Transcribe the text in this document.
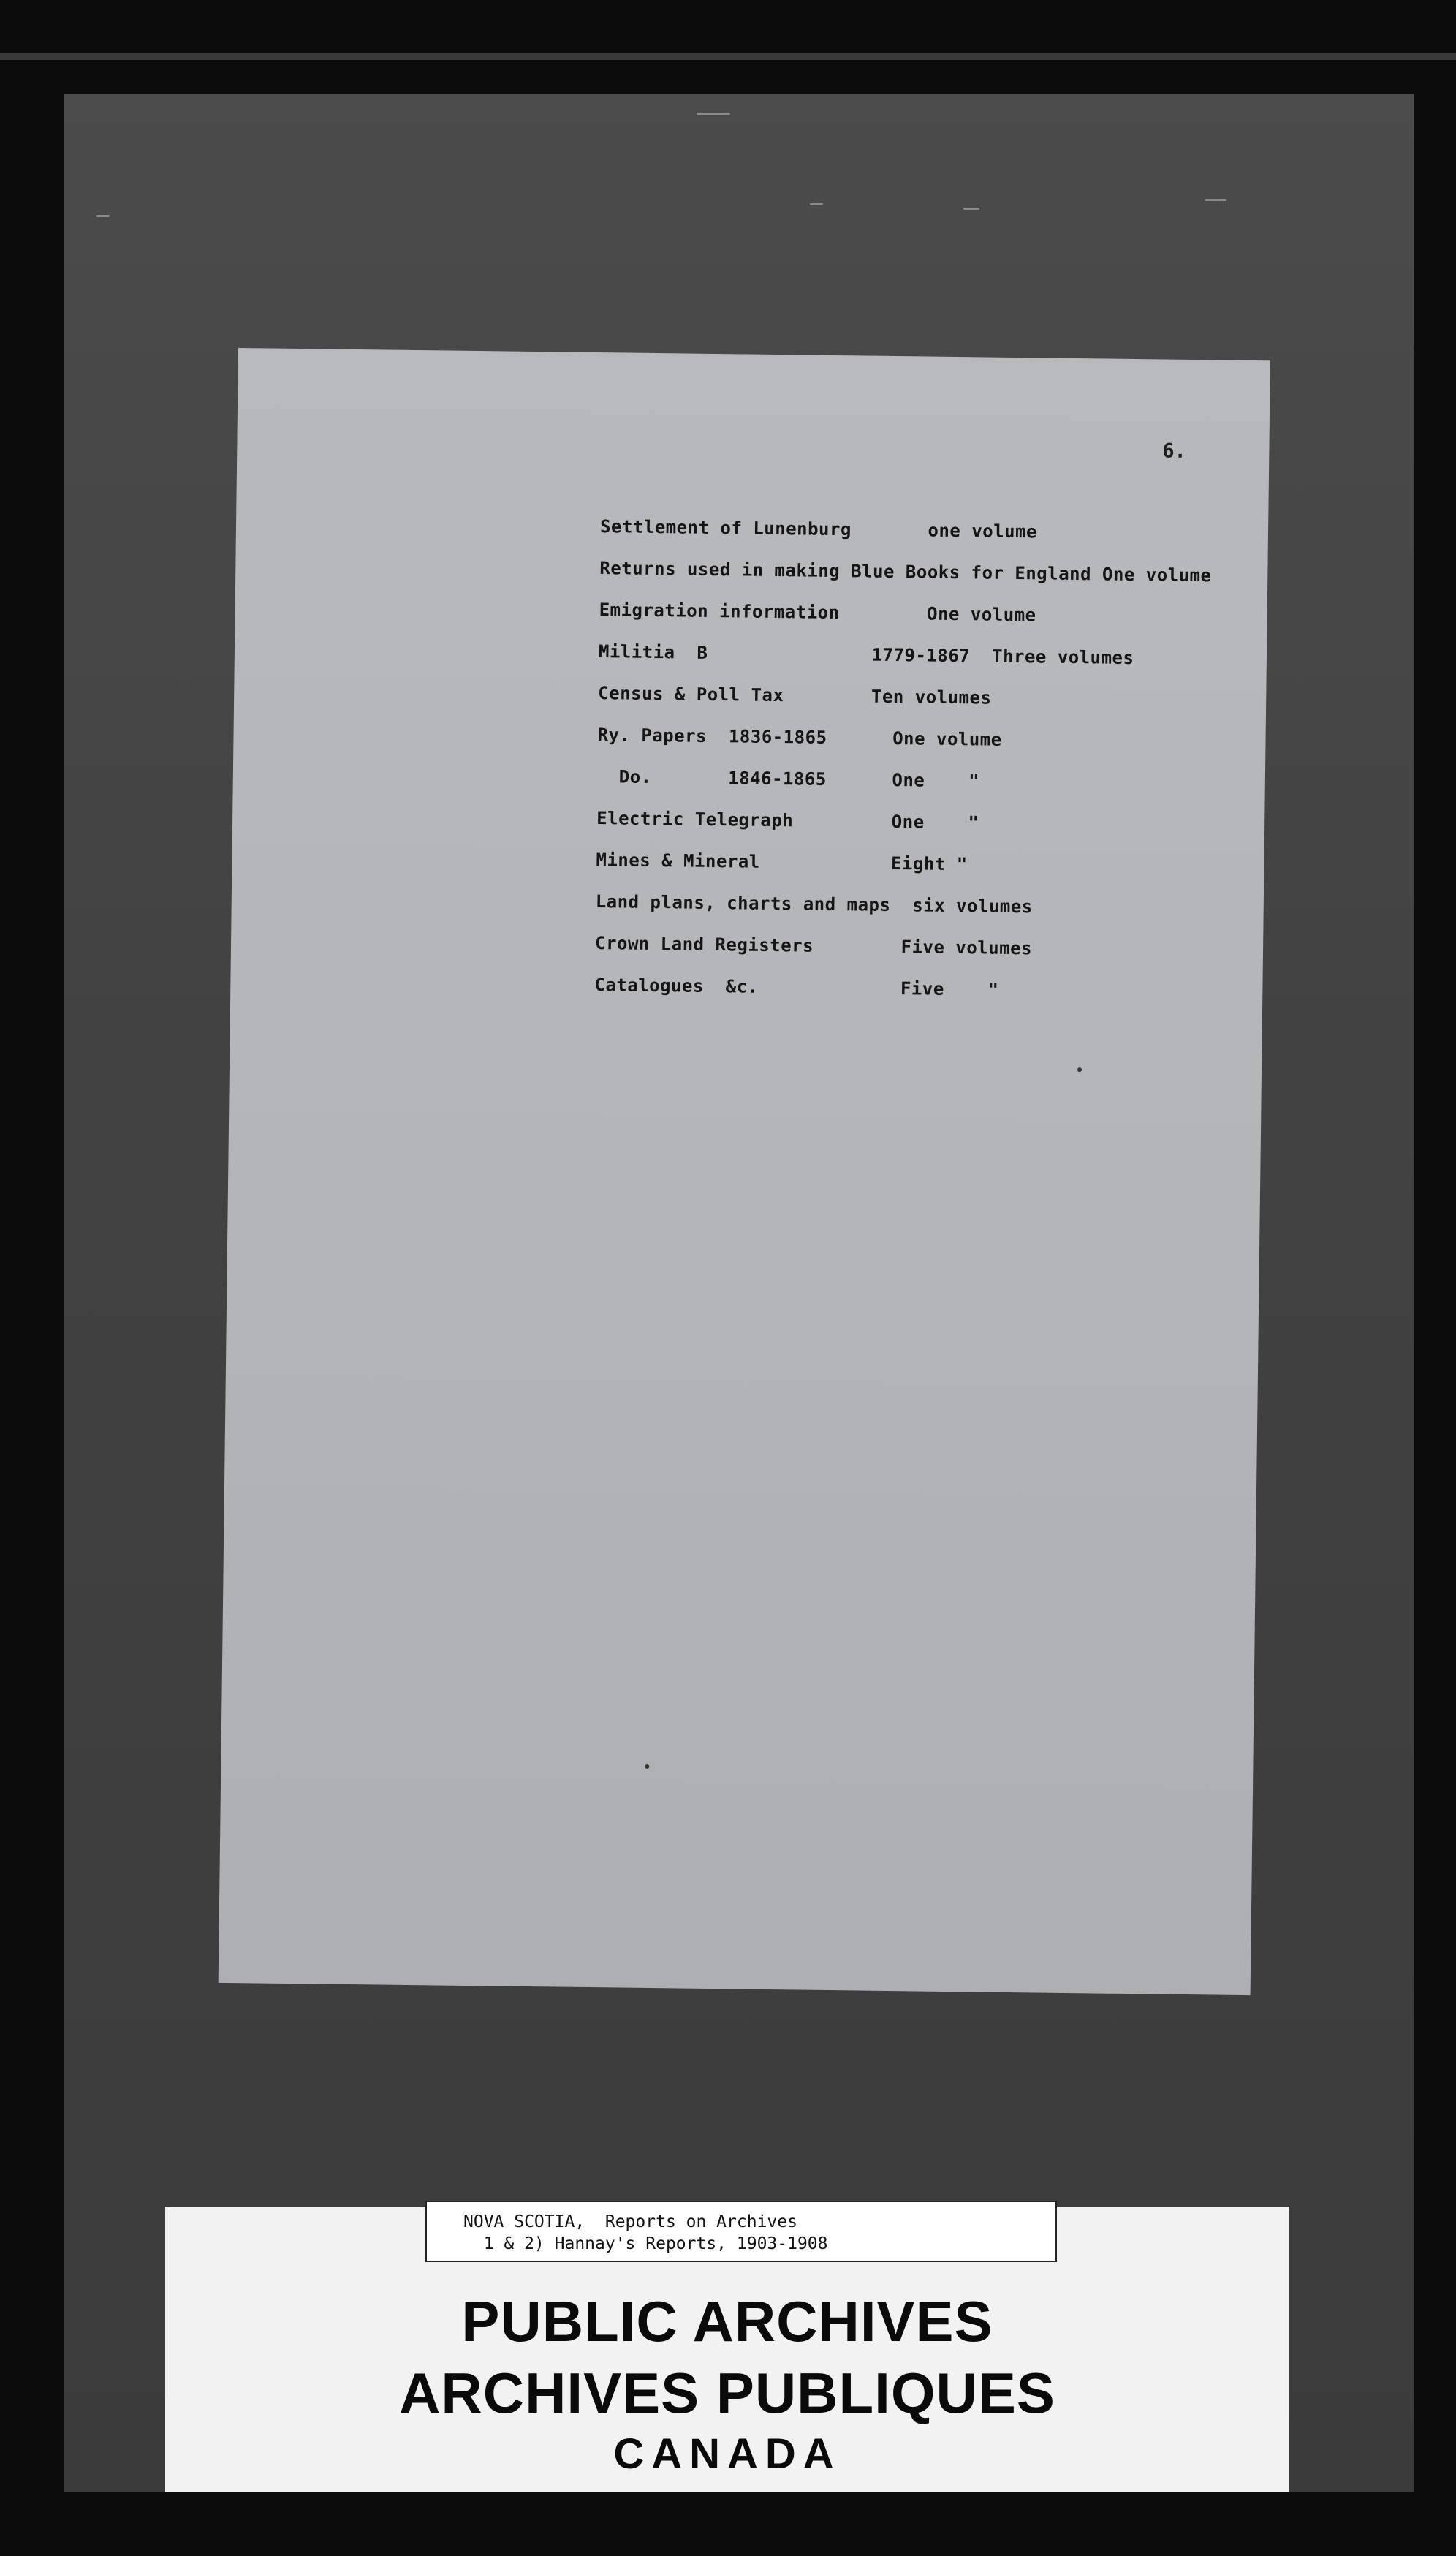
6.
Settlement of Lunenburg       one volume
Returns used in making Blue Books for England One volume
Emigration information        One volume
Militia  B               1779-1867  Three volumes
Census & Poll Tax        Ten volumes
Ry. Papers  1836-1865      One volume
Do.       1846-1865      One    "
Electric Telegraph         One    "
Mines & Mineral            Eight "
Land plans, charts and maps  six volumes
Crown Land Registers        Five volumes
Catalogues  &c.             Five    "
PUBLIC ARCHIVES
ARCHIVES PUBLIQUES
CANADA
NOVA SCOTIA,  Reports on Archives
1 & 2) Hannay's Reports, 1903-1908
